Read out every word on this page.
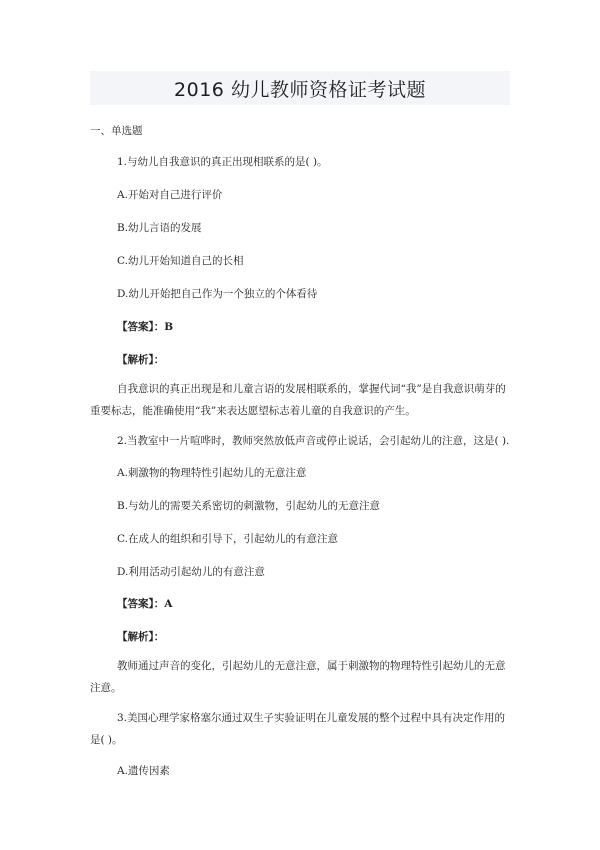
2016 幼儿教师资格证考试题
一、单选题
1.与幼儿自我意识的真正出现相联系的是( )。
A.开始对自己进行评价
B.幼儿言语的发展
C.幼儿开始知道自己的长相
D.幼儿开始把自己作为一个独立的个体看待
【答案】：B
【解析】：
自我意识的真正出现是和儿童言语的发展相联系的，掌握代词“我”是自我意识萌芽的重要标志，能准确使用“我”来表达愿望标志着儿童的自我意识的产生。
2.当教室中一片喧哗时，教师突然放低声音或停止说话，会引起幼儿的注意，这是( ).
A.刺激物的物理特性引起幼儿的无意注意
B.与幼儿的需要关系密切的刺激物，引起幼儿的无意注意
C.在成人的组织和引导下，引起幼儿的有意注意
D.利用活动引起幼儿的有意注意
【答案】：A
【解析】：
教师通过声音的变化，引起幼儿的无意注意，属于刺激物的物理特性引起幼儿的无意注意。
3.美国心理学家格塞尔通过双生子实验证明在儿童发展的整个过程中具有决定作用的是( )。
A.遗传因素
